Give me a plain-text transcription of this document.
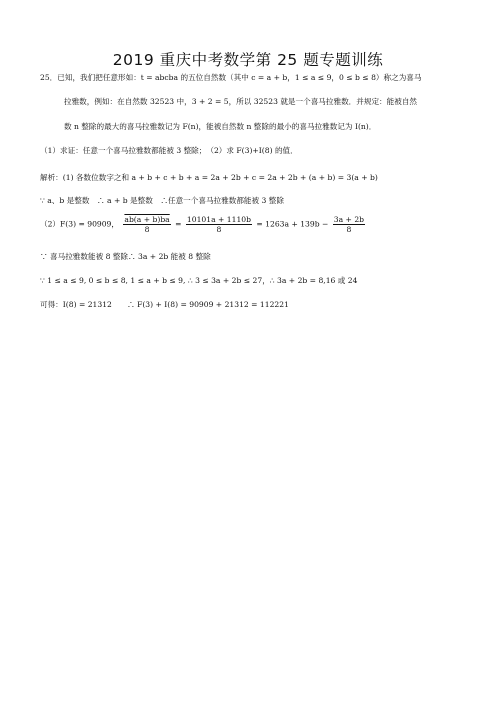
2019 重庆中考数学第 25 题专题训练
25．已知，我们把任意形如：t = abcba 的五位自然数（其中 c = a + b，1 ≤ a ≤ 9，0 ≤ b ≤ 8）称之为喜马
拉雅数，例如：在自然数 32523 中，3 + 2 = 5，所以 32523 就是一个喜马拉雅数．并规定：能被自然
数 n 整除的最大的喜马拉雅数记为 F(n)，能被自然数 n 整除的最小的喜马拉雅数记为 I(n)．
（1）求证：任意一个喜马拉雅数都能被 3 整除；　（2）求 F(3)+I(8) 的值．
解析：(1) 各数位数字之和 a + b + c + b + a = 2a + 2b + c = 2a + 2b + (a + b) = 3(a + b)
∵ a、b 是整数　∴ a + b 是整数　∴任意一个喜马拉雅数都能被 3 整除
（2）F(3) = 90909， $\frac{ab(a + b)ba}{8} = \frac{10101a + 1110b}{8} = 1263a + 139b - \frac{3a + 2b}{8}$
∵ 喜马拉雅数能被 8 整除∴ 3a + 2b 能被 8 整除
∵ 1 ≤ a ≤ 9, 0 ≤ b ≤ 8, 1 ≤ a + b ≤ 9, ∴ 3 ≤ 3a + 2b ≤ 27，∴ 3a + 2b = 8,16 或 24
可得：I(8) = 21312　　∴ F(3) + I(8) = 90909 + 21312 = 112221
